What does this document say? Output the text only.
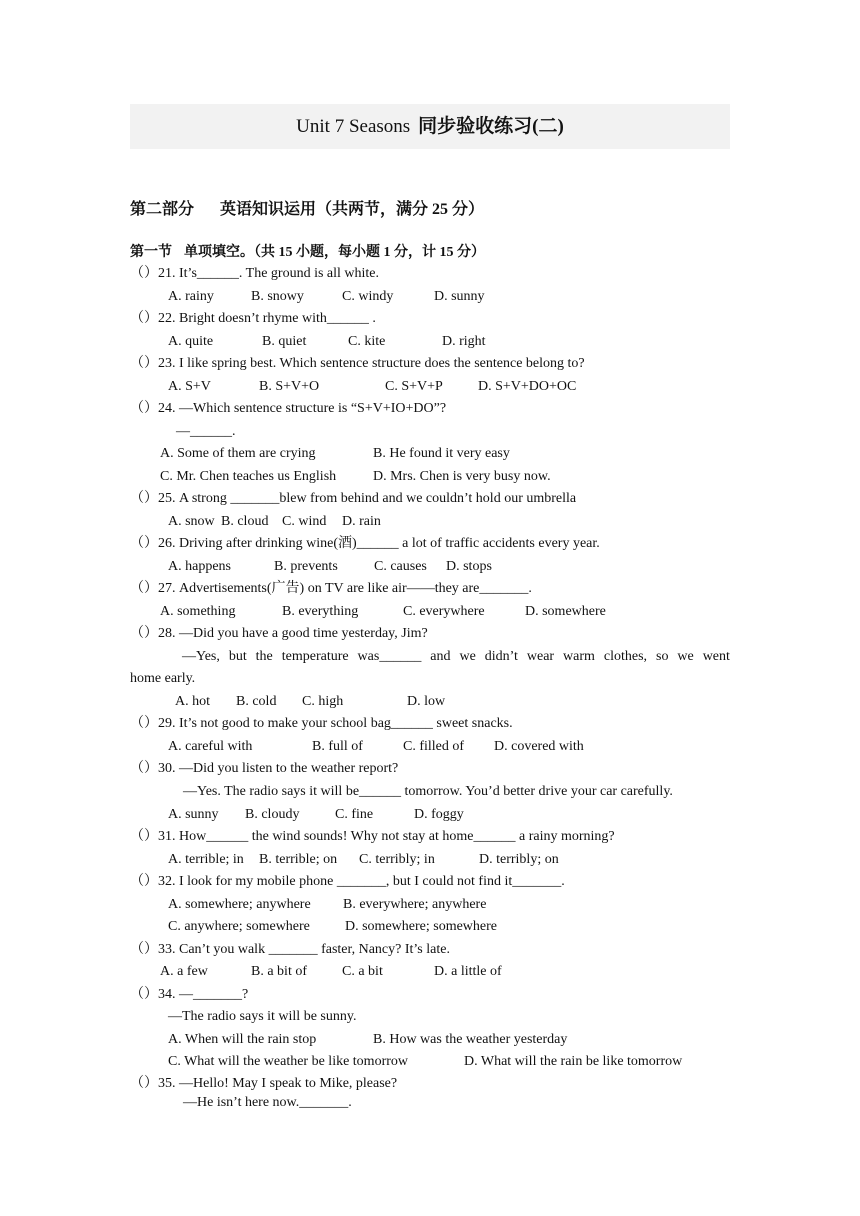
Unit 7 Seasons 同步验收练习(二)
第二部分 英语知识运用（共两节，满分 25 分）
第一节 单项填空。（共 15 小题，每小题 1 分，计 15 分）
（）21. It’s______. The ground is all white.
A. rainy	B. snowy	C. windy	D. sunny
（）22. Bright doesn’t rhyme with______ .
A. quite	B. quiet	C. kite	D. right
（）23. I like spring best. Which sentence structure does the sentence belong to?
A. S+V	B. S+V+O	C. S+V+P	D. S+V+DO+OC
（）24. —Which sentence structure is “S+V+IO+DO”?
—______.
A. Some of them are crying	B. He found it very easy
C. Mr. Chen teaches us English	D. Mrs. Chen is very busy now.
（）25. A strong _______blew from behind and we couldn’t hold our umbrella
A. snow B. cloud C. wind D. rain
（）26. Driving after drinking wine(酒)______ a lot of traffic accidents every year.
A. happens	B. prevents	C. causes D. stops
（）27. Advertisements(广告) on TV are like air——they are_______.
A. something	B. everything	C. everywhere	D. somewhere
（）28. —Did you have a good time yesterday, Jim?
—Yes, but the temperature was______ and we didn’t wear warm clothes, so we went
home early.
A. hot B. cold C. high	D. low
（）29. It’s not good to make your school bag______ sweet snacks.
A. careful with	B. full of	C. filled of D. covered with
（）30. —Did you listen to the weather report?
—Yes. The radio says it will be______ tomorrow. You’d better drive your car carefully.
A. sunny B. cloudy	C. fine	D. foggy
（）31. How______ the wind sounds! Why not stay at home______ a rainy morning?
A. terrible; in B. terrible; on C. terribly; in	D. terribly; on
（）32. I look for my mobile phone _______, but I could not find it_______.
A. somewhere; anywhere B. everywhere; anywhere
C. anywhere; somewhere	D. somewhere; somewhere
（）33. Can’t you walk _______ faster, Nancy? It’s late.
A. a few	B. a bit of	C. a bit	D. a little of
（）34. —_______?
—The radio says it will be sunny.
A. When will the rain stop	B. How was the weather yesterday
C. What will the weather be like tomorrow	D. What will the rain be like tomorrow
（）35. —Hello! May I speak to Mike, please?
—He isn’t here now._______.
